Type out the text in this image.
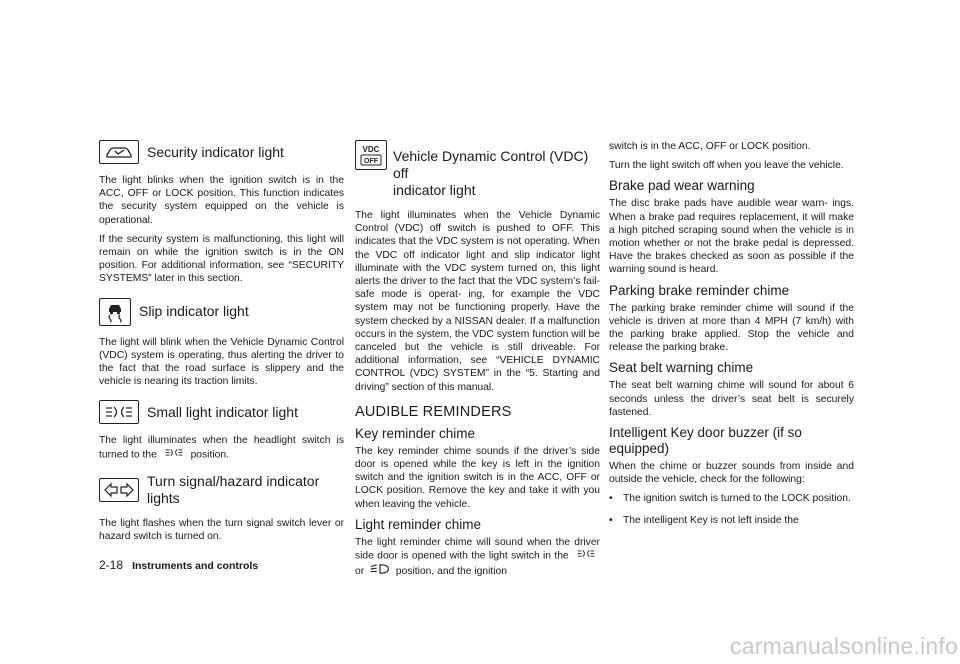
Security indicator light

The light blinks when the ignition switch is in the ACC, OFF or LOCK position. This function indicates the security system equipped on the vehicle is operational.

If the security system is malfunctioning, this light will remain on while the ignition switch is in the ON position. For additional information, see “SECURITY SYSTEMS” later in this section.

Slip indicator light

The light will blink when the Vehicle Dynamic Control (VDC) system is operating, thus alerting the driver to the fact that the road surface is slippery and the vehicle is nearing its traction limits.

Small light indicator light

The light illuminates when the headlight switch is turned to the	position.

Turn signal/hazard indicator lights

The light flashes when the turn signal switch lever or hazard switch is turned on.

VDC
OFF Vehicle Dynamic Control (VDC) off
indicator light

The light illuminates when the Vehicle Dynamic Control (VDC) off switch is pushed to OFF. This indicates that the VDC system is not operating. When the VDC off indicator light and slip indicator light illuminate with the VDC system turned on, this light alerts the driver to the fact that the VDC system’s fail-safe mode is operat- ing, for example the VDC system may not be functioning properly. Have the system checked by a NISSAN dealer. If a malfunction occurs in the system, the VDC system function will be canceled but the vehicle is still driveable. For additional information, see “VEHICLE DYNAMIC CONTROL (VDC) SYSTEM” in the “5. Starting and driving” section of this manual.

AUDIBLE REMINDERS
Key reminder chime

The key reminder chime sounds if the driver’s side door is opened while the key is left in the ignition switch and the ignition switch is in the ACC, OFF or LOCK position. Remove the key and take it with you when leaving the vehicle.

Light reminder chime

The light reminder chime will sound when the driver side door is opened with the light switch in the  or	position, and the ignition

switch is in the ACC, OFF or LOCK position.

Turn the light switch off when you leave the vehicle.

Brake pad wear warning

The disc brake pads have audible wear warn- ings. When a brake pad requires replacement, it will make a high pitched scraping sound when the vehicle is in motion whether or not the brake pedal is depressed. Have the brakes checked as soon as possible if the warning sound is heard.

Parking brake reminder chime

The parking brake reminder chime will sound if the vehicle is driven at more than 4 MPH (7 km/h) with the parking brake applied. Stop the vehicle and release the parking brake.

Seat belt warning chime

The seat belt warning chime will sound for about 6 seconds unless the driver’s seat belt is securely fastened.

Intelligent Key door buzzer (if so
equipped)

When the chime or buzzer sounds from inside and outside the vehicle, check for the following:

•	The ignition switch is turned to the LOCK position.
•	The intelligent Key is not left inside the
2-18 Instruments and controls
carmanualsonline.info
